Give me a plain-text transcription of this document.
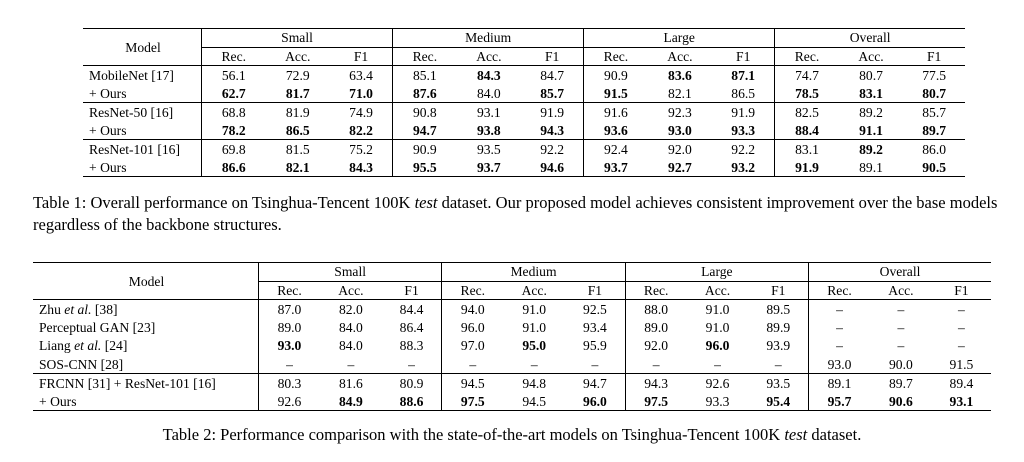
Model	Small			Medium			Large			Overall		
	Rec.	Acc.	F1	Rec.	Acc.	F1	Rec.	Acc.	F1	Rec.	Acc.	F1
MobileNet [17]	56.1	72.9	63.4	85.1	84.3	84.7	90.9	83.6	87.1	74.7	80.7	77.5
+ Ours	62.7	81.7	71.0	87.6	84.0	85.7	91.5	82.1	86.5	78.5	83.1	80.7
ResNet-50 [16]	68.8	81.9	74.9	90.8	93.1	91.9	91.6	92.3	91.9	82.5	89.2	85.7
+ Ours	78.2	86.5	82.2	94.7	93.8	94.3	93.6	93.0	93.3	88.4	91.1	89.7
ResNet-101 [16]	69.8	81.5	75.2	90.9	93.5	92.2	92.4	92.0	92.2	83.1	89.2	86.0
+ Ours	86.6	82.1	84.3	95.5	93.7	94.6	93.7	92.7	93.2	91.9	89.1	90.5
Table 1: Overall performance on Tsinghua-Tencent 100K test dataset. Our proposed model achieves consistent improvement over the base models regardless of the backbone structures.
Model	Small			Medium			Large			Overall		
	Rec.	Acc.	F1	Rec.	Acc.	F1	Rec.	Acc.	F1	Rec.	Acc.	F1
Zhu et al. [38]	87.0	82.0	84.4	94.0	91.0	92.5	88.0	91.0	89.5	–	–	–
Perceptual GAN [23]	89.0	84.0	86.4	96.0	91.0	93.4	89.0	91.0	89.9	–	–	–
Liang et al. [24]	93.0	84.0	88.3	97.0	95.0	95.9	92.0	96.0	93.9	–	–	–
SOS-CNN [28]	–	–	–	–	–	–	–	–	–	93.0	90.0	91.5
FRCNN [31] + ResNet-101 [16]	80.3	81.6	80.9	94.5	94.8	94.7	94.3	92.6	93.5	89.1	89.7	89.4
+ Ours	92.6	84.9	88.6	97.5	94.5	96.0	97.5	93.3	95.4	95.7	90.6	93.1
Table 2: Performance comparison with the state-of-the-art models on Tsinghua-Tencent 100K test dataset.
